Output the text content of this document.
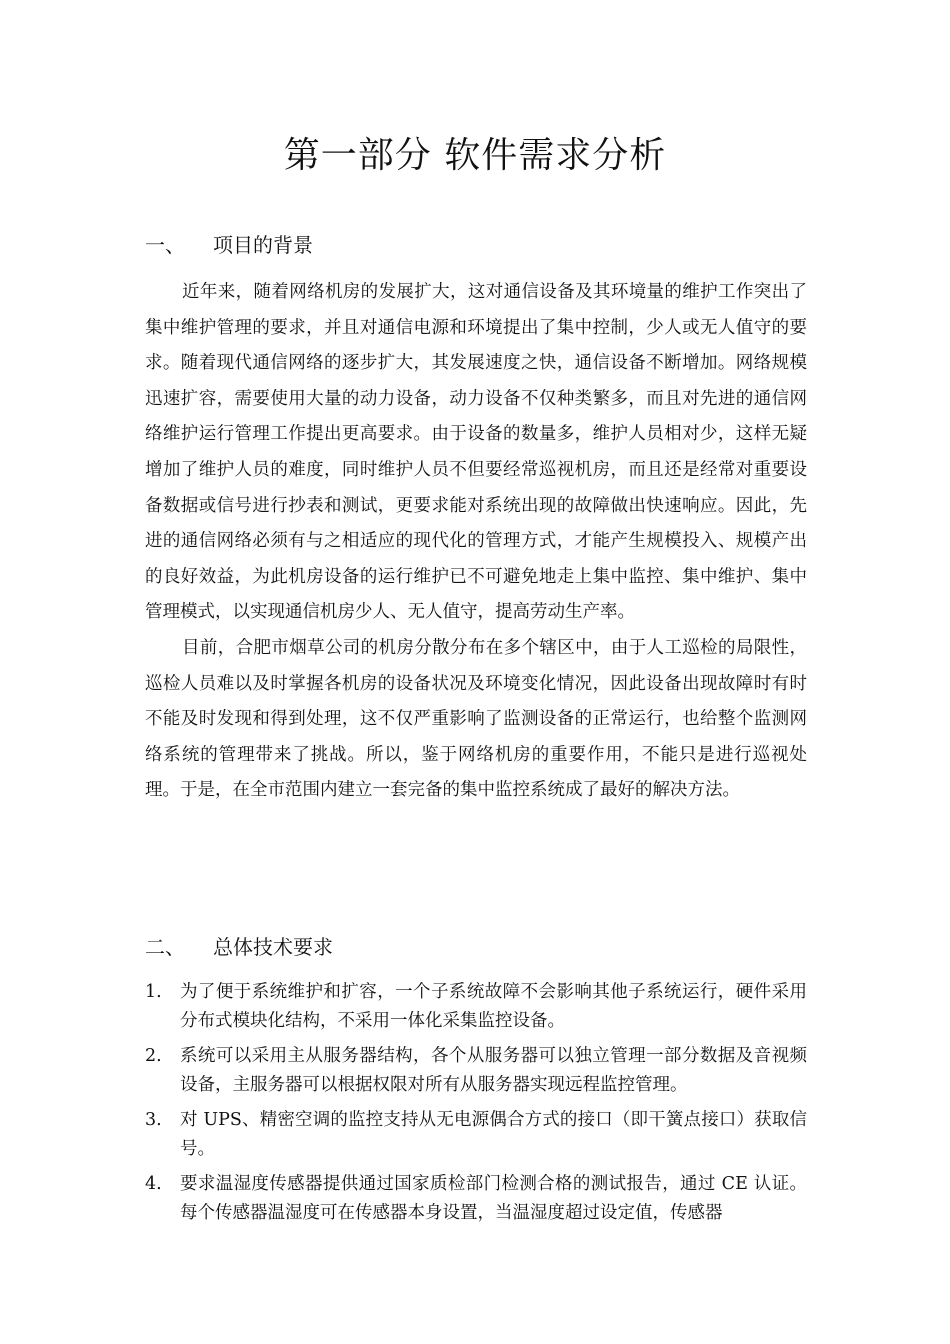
第一部分 软件需求分析
一、 项目的背景

近年来，随着网络机房的发展扩大，这对通信设备及其环境量的维护工作突出了集中维护管理的要求，并且对通信电源和环境提出了集中控制，少人或无人值守的要求。随着现代通信网络的逐步扩大，其发展速度之快，通信设备不断增加。网络规模迅速扩容，需要使用大量的动力设备，动力设备不仅种类繁多，而且对先进的通信网络维护运行管理工作提出更高要求。由于设备的数量多，维护人员相对少，这样无疑增加了维护人员的难度，同时维护人员不但要经常巡视机房，而且还是经常对重要设备数据或信号进行抄表和测试，更要求能对系统出现的故障做出快速响应。因此，先进的通信网络必须有与之相适应的现代化的管理方式，才能产生规模投入、规模产出的良好效益，为此机房设备的运行维护已不可避免地走上集中监控、集中维护、集中管理模式，以实现通信机房少人、无人值守，提高劳动生产率。

目前，合肥市烟草公司的机房分散分布在多个辖区中，由于人工巡检的局限性，巡检人员难以及时掌握各机房的设备状况及环境变化情况，因此设备出现故障时有时不能及时发现和得到处理，这不仅严重影响了监测设备的正常运行，也给整个监测网络系统的管理带来了挑战。所以，鉴于网络机房的重要作用，不能只是进行巡视处理。于是，在全市范围内建立一套完备的集中监控系统成了最好的解决方法。

二、 总体技术要求
1. 为了便于系统维护和扩容，一个子系统故障不会影响其他子系统运行，硬件采用分布式模块化结构，不采用一体化采集监控设备。
2. 系统可以采用主从服务器结构，各个从服务器可以独立管理一部分数据及音视频设备，主服务器可以根据权限对所有从服务器实现远程监控管理。
3. 对 UPS、精密空调的监控支持从无电源偶合方式的接口（即干簧点接口）获取信号。
4. 要求温湿度传感器提供通过国家质检部门检测合格的测试报告，通过 CE 认证。每个传感器温湿度可在传感器本身设置，当温湿度超过设定值，传感器
